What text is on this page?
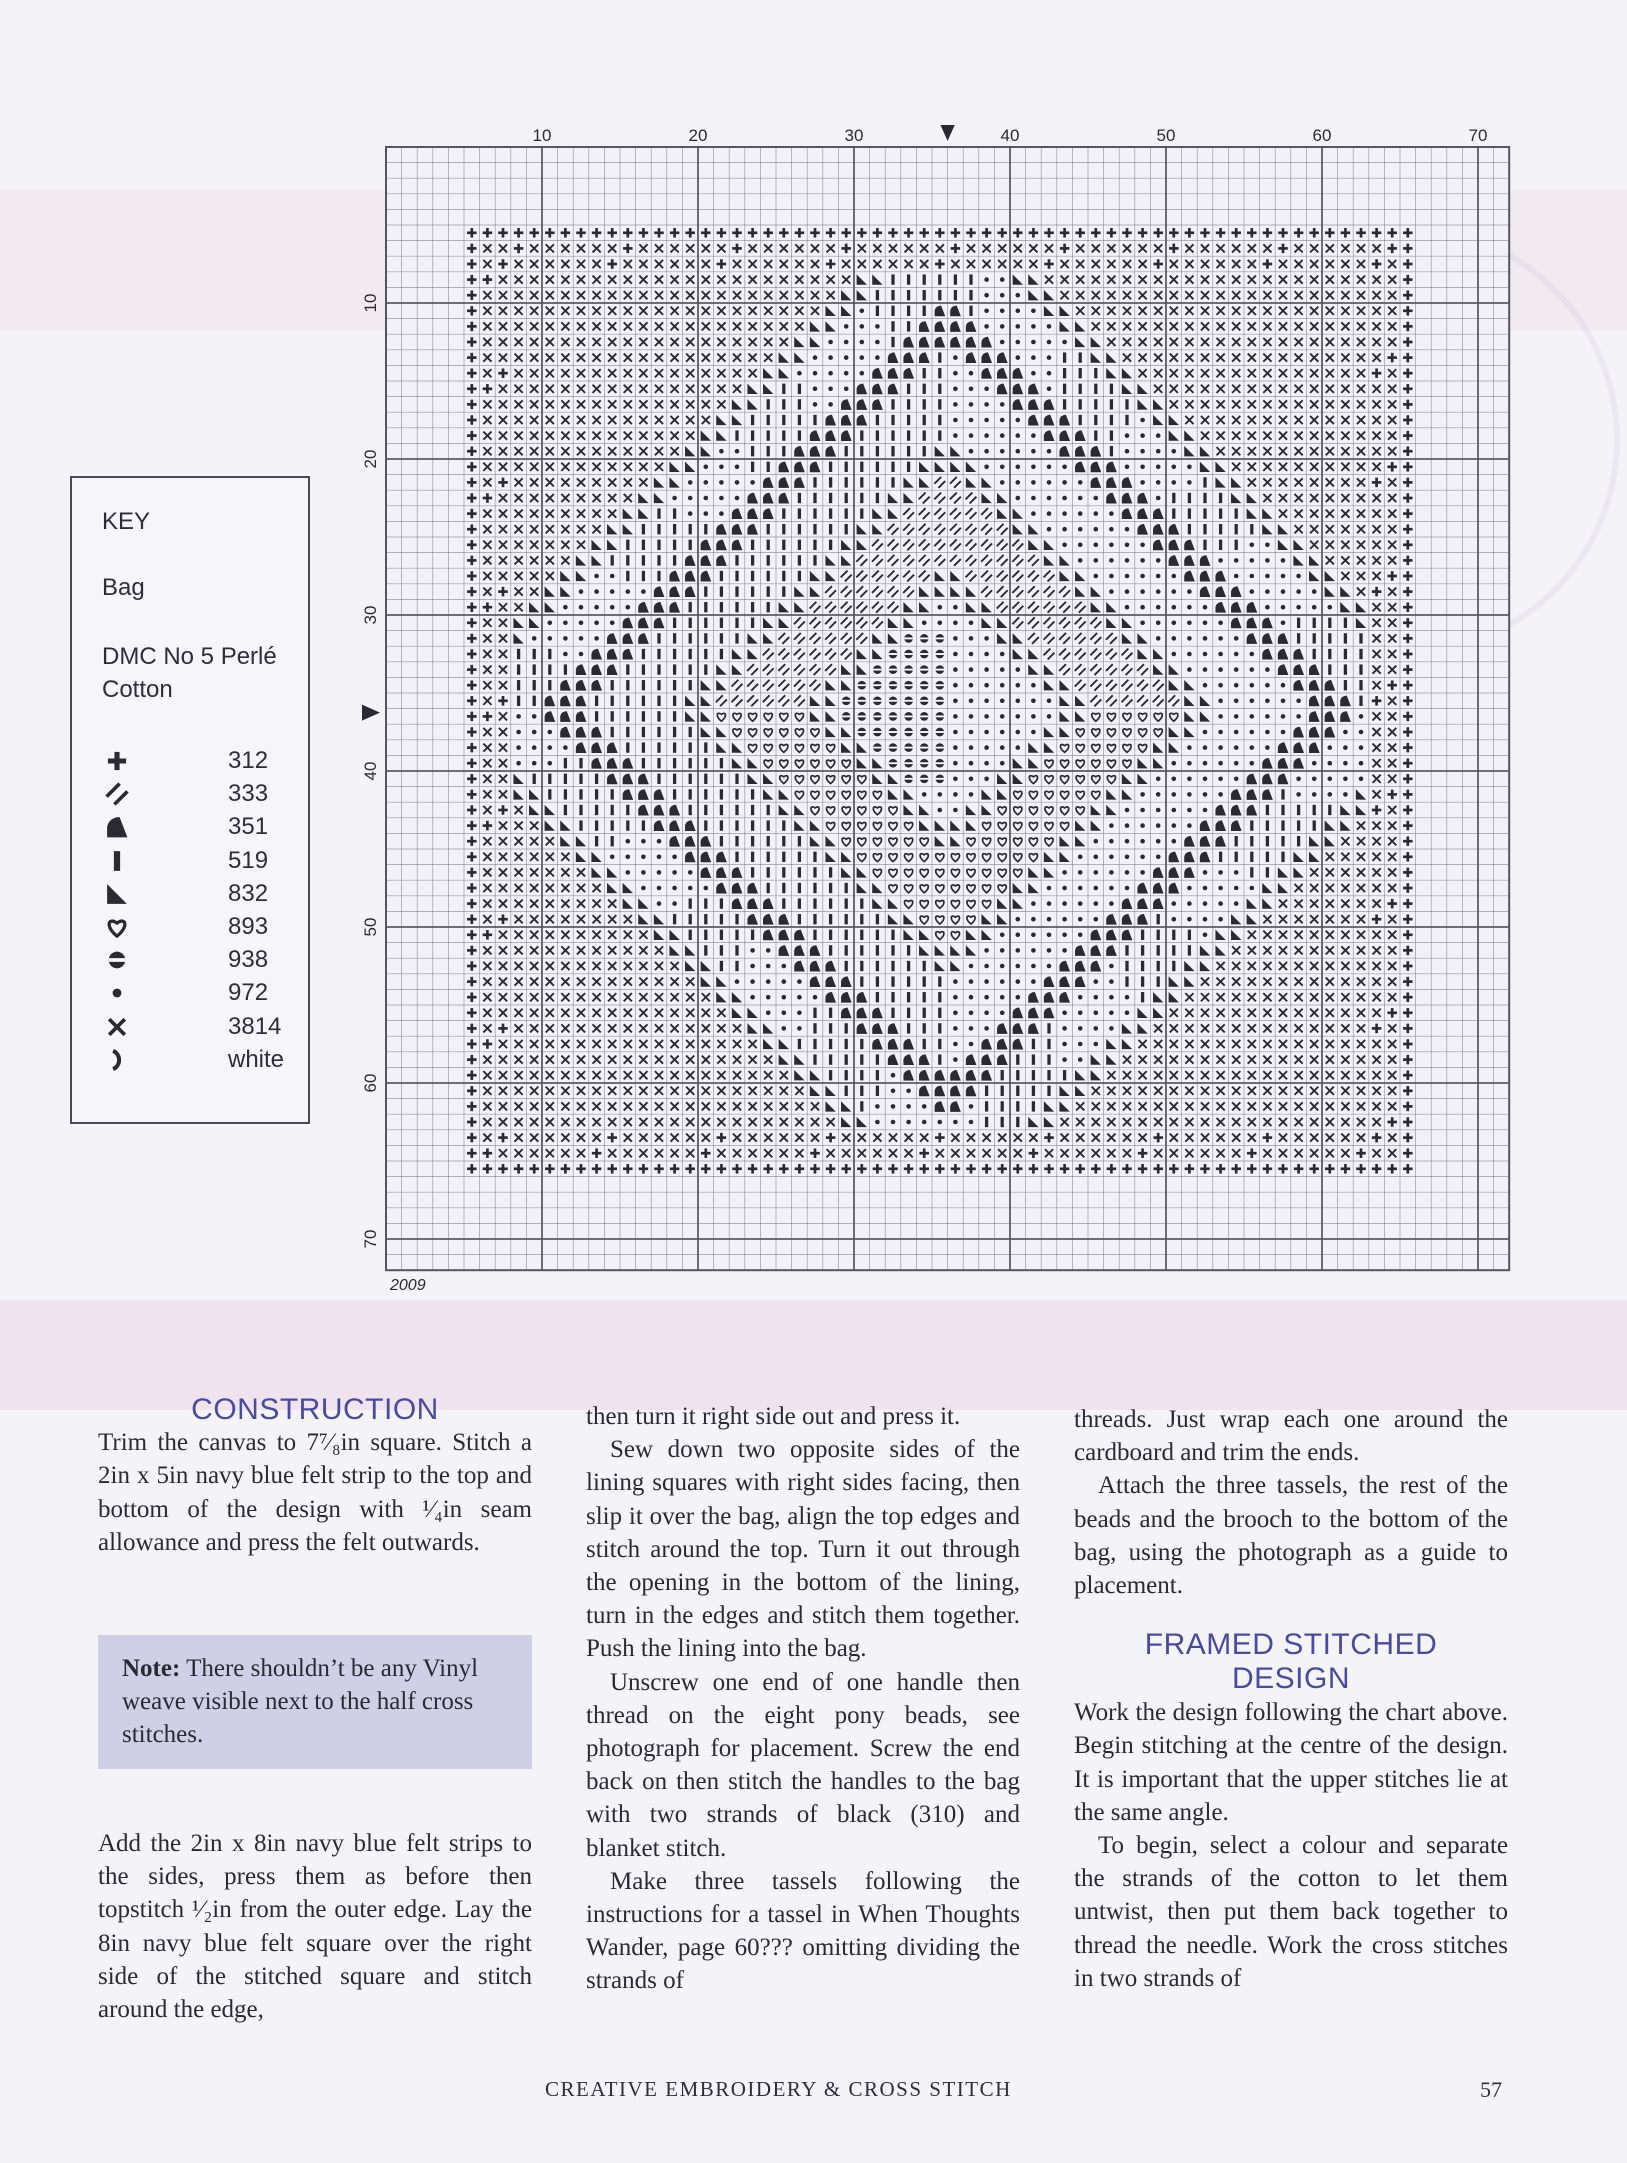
10	20	30	40	50	60	70
10
20
30
40
50
60
70
2009
KEY
Bag
DMC No 5 Perlé Cotton
312
333
351
519
832
893
938
972
3814
white
CONSTRUCTION

Trim the canvas to 7⁷⁄₈in square. Stitch a 2in x 5in navy blue felt strip to the top and bottom of the design with ¹⁄₄in seam allowance and press the felt outwards.

Note: There shouldn’t be any Vinyl weave visible next to the half cross stitches.

Add the 2in x 8in navy blue felt strips to the sides, press them as before then topstitch ¹⁄₂in from the outer edge. Lay the 8in navy blue felt square over the right side of the stitched square and stitch around the edge,

then turn it right side out and press it.

Sew down two opposite sides of the lining squares with right sides facing, then slip it over the bag, align the top edges and stitch around the top. Turn it out through the opening in the bottom of the lining, turn in the edges and stitch them together. Push the lining into the bag.

Unscrew one end of one handle then thread on the eight pony beads, see photograph for placement. Screw the end back on then stitch the handles to the bag with two strands of black (310) and blanket stitch.

Make three tassels following the instructions for a tassel in When Thoughts Wander, page 60??? omitting dividing the strands of

threads. Just wrap each one around the cardboard and trim the ends.

Attach the three tassels, the rest of the beads and the brooch to the bottom of the bag, using the photograph as a guide to placement.

FRAMED STITCHED
DESIGN

Work the design following the chart above. Begin stitching at the centre of the design. It is important that the upper stitches lie at the same angle.

To begin, select a colour and separate the strands of the cotton to let them untwist, then put them back together to thread the needle. Work the cross stitches in two strands of

CREATIVE EMBROIDERY & CROSS STITCH	57
